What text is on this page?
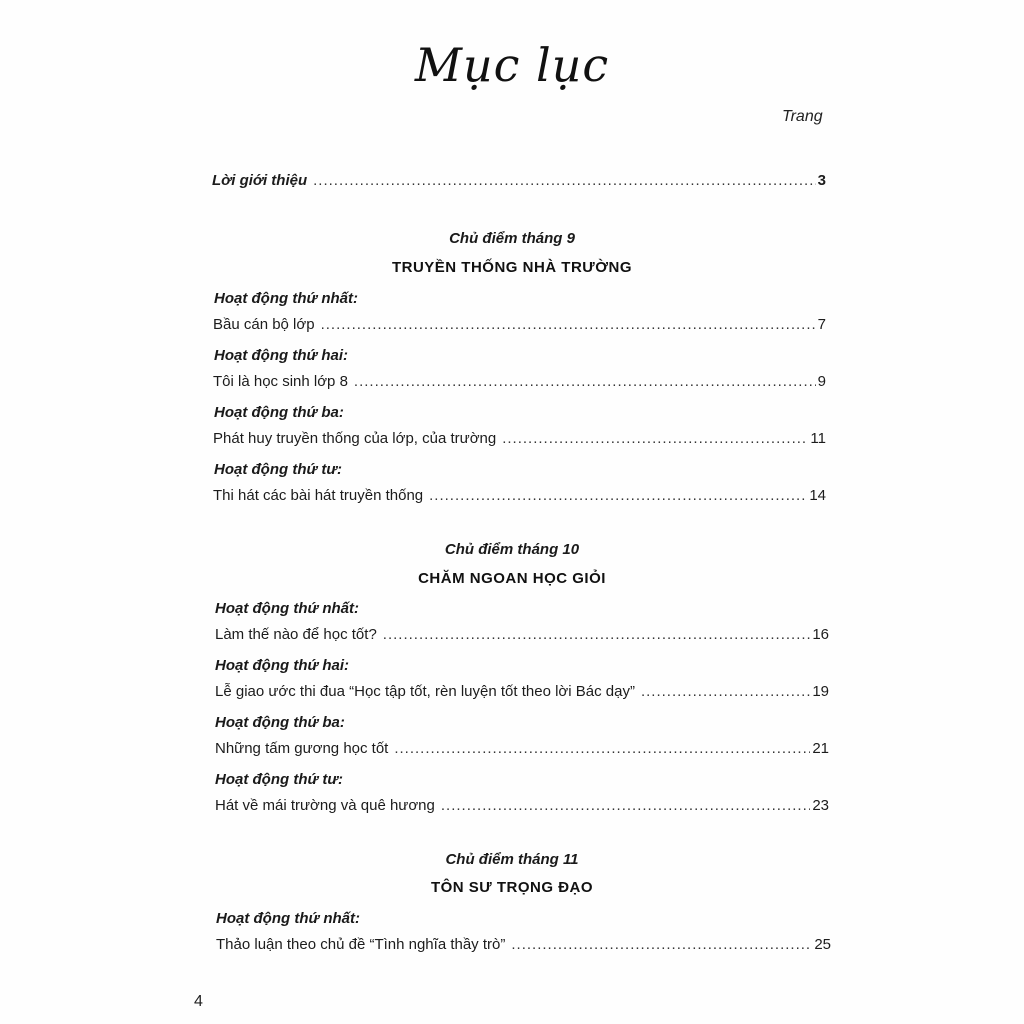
Mục lục
Trang
Lời giới thiệu .....	3
Chủ điểm tháng 9
TRUYỀN THỐNG NHÀ TRƯỜNG
Hoạt động thứ nhất:
Bầu cán bộ lớp .....	7
Hoạt động thứ hai:
Tôi là học sinh lớp 8 .....	9
Hoạt động thứ ba:
Phát huy truyền thống của lớp, của trường .....	11
Hoạt động thứ tư:
Thi hát các bài hát truyền thống .....	14
Chủ điểm tháng 10
CHĂM NGOAN HỌC GIỎI
Hoạt động thứ nhất:
Làm thế nào để học tốt? .....	16
Hoạt động thứ hai:
Lễ giao ước thi đua “Học tập tốt, rèn luyện tốt theo lời Bác dạy” .....	19
Hoạt động thứ ba:
Những tấm gương học tốt .....	21
Hoạt động thứ tư:
Hát về mái trường và quê hương .....	23
Chủ điểm tháng 11
TÔN SƯ TRỌNG ĐẠO
Hoạt động thứ nhất:
Thảo luận theo chủ đề “Tình nghĩa thầy trò” .....	25
4
